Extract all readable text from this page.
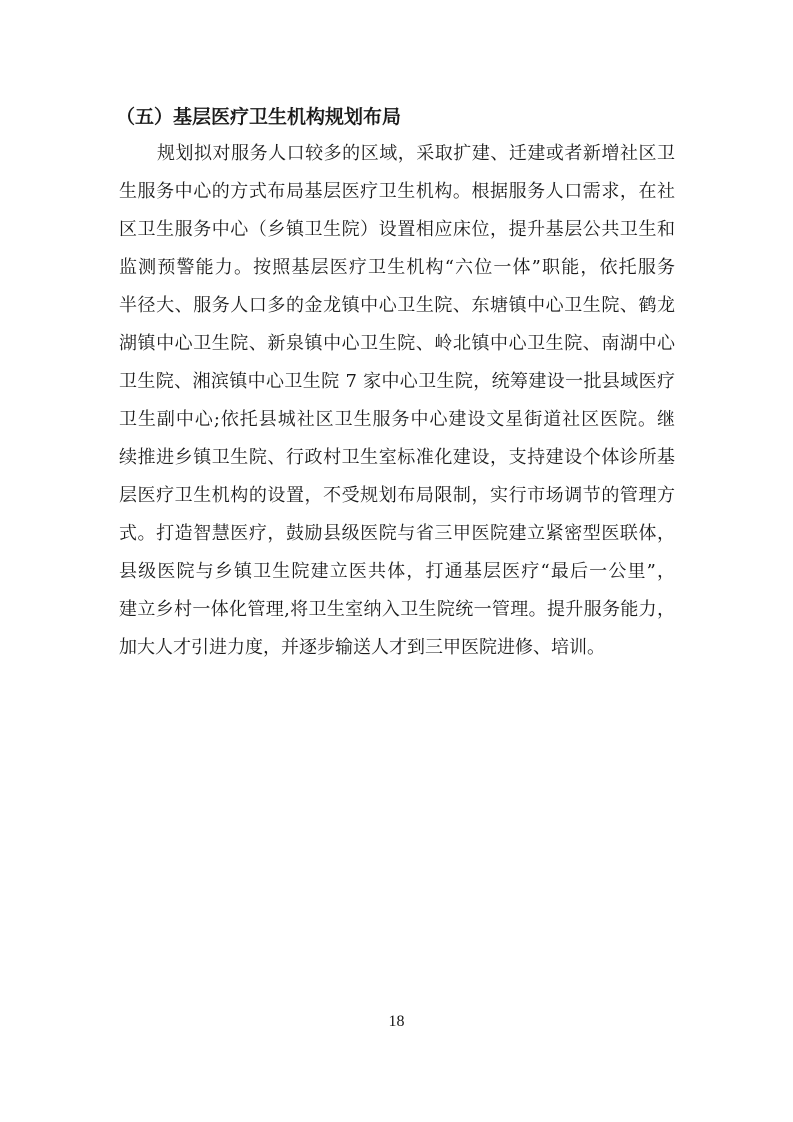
（五）基层医疗卫生机构规划布局
规划拟对服务人口较多的区域，采取扩建、迁建或者新增社区卫
生服务中心的方式布局基层医疗卫生机构。根据服务人口需求，在社
区卫生服务中心（乡镇卫生院）设置相应床位，提升基层公共卫生和
监测预警能力。按照基层医疗卫生机构“六位一体”职能，依托服务
半径大、服务人口多的金龙镇中心卫生院、东塘镇中心卫生院、鹤龙
湖镇中心卫生院、新泉镇中心卫生院、岭北镇中心卫生院、南湖中心
卫生院、湘滨镇中心卫生院 7 家中心卫生院，统筹建设一批县域医疗
卫生副中心;依托县城社区卫生服务中心建设文星街道社区医院。继
续推进乡镇卫生院、行政村卫生室标准化建设，支持建设个体诊所基
层医疗卫生机构的设置，不受规划布局限制，实行市场调节的管理方
式。打造智慧医疗，鼓励县级医院与省三甲医院建立紧密型医联体，
县级医院与乡镇卫生院建立医共体，打通基层医疗“最后一公里”，
建立乡村一体化管理,将卫生室纳入卫生院统一管理。提升服务能力，
加大人才引进力度，并逐步输送人才到三甲医院进修、培训。
18
